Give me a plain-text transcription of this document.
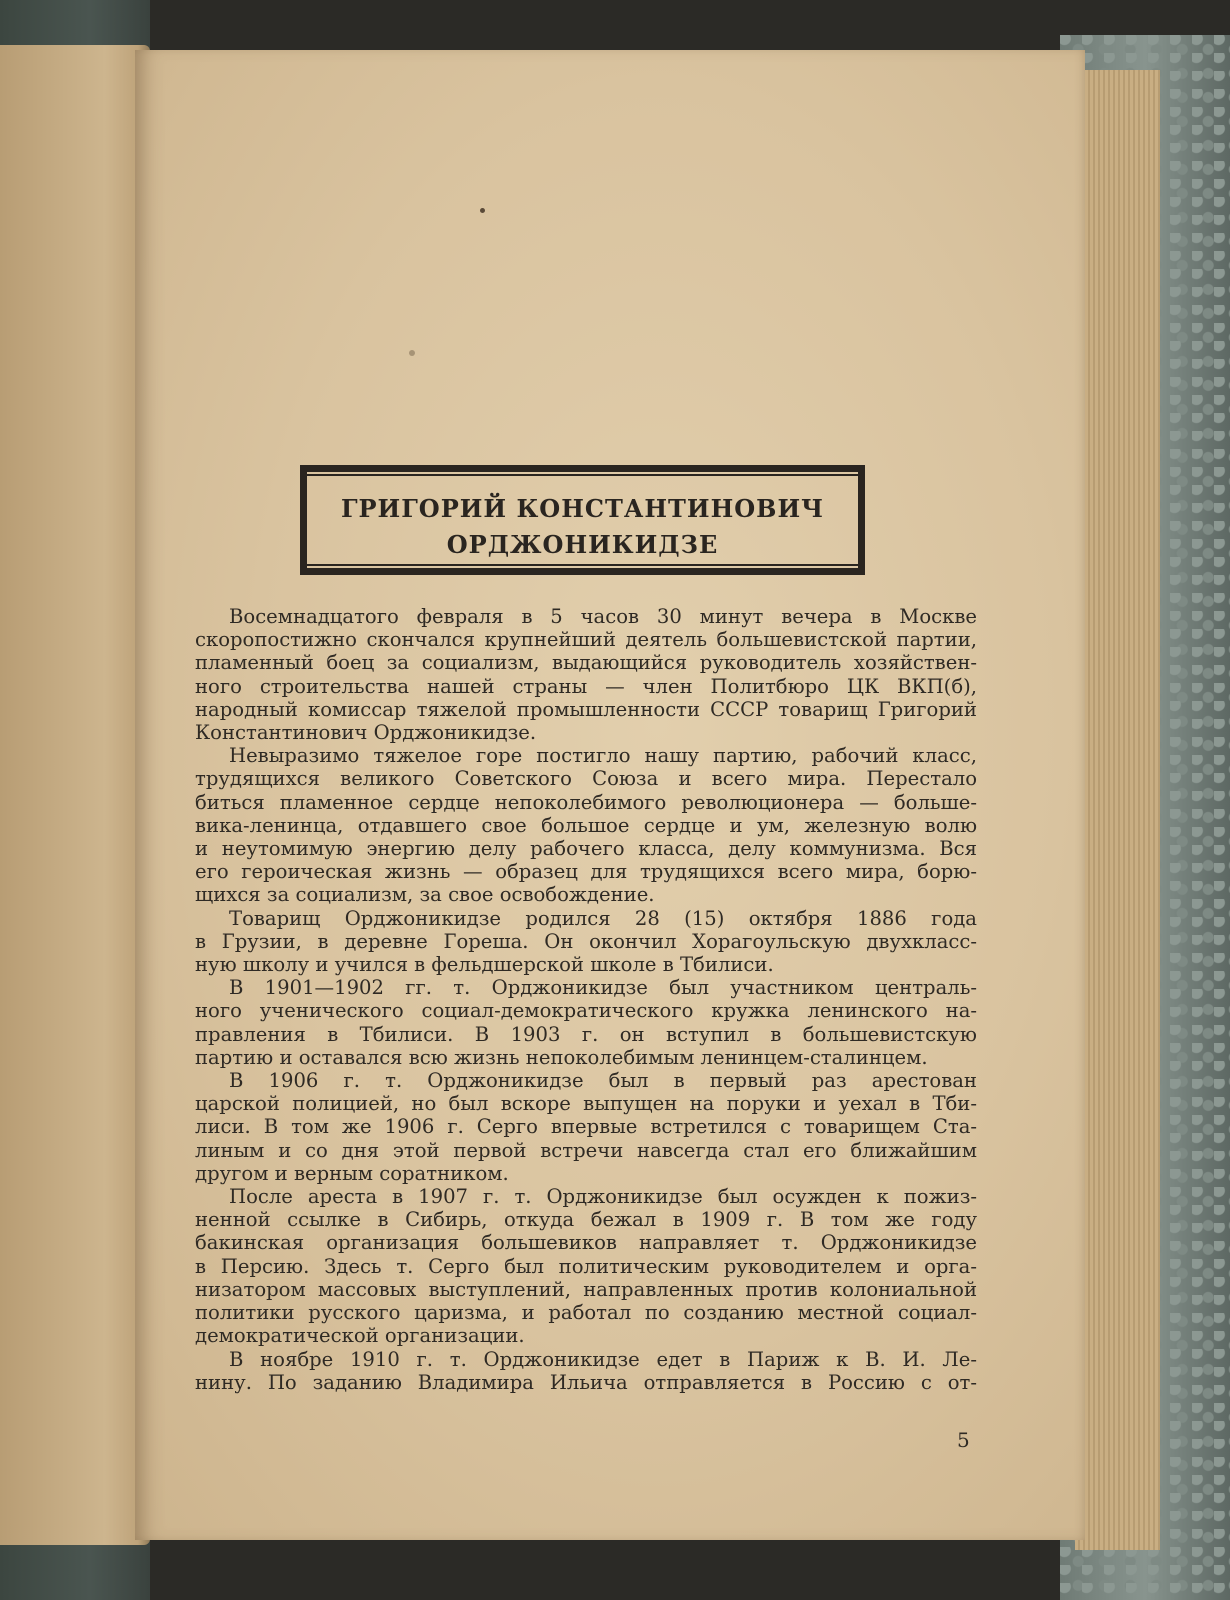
ГРИГОРИЙ КОНСТАНТИНОВИЧ
ОРДЖОНИКИДЗЕ

Восемнадцатого февраля в 5 часов 30 минут вечера в Москве
скоропостижно скончался крупнейший деятель большевистской партии,
пламенный боец за социализм, выдающийся руководитель хозяйствен-
ного строительства нашей страны — член Политбюро ЦК ВКП(б),
народный комиссар тяжелой промышленности СССР товарищ Григорий
Константинович Орджоникидзе.

Невыразимо тяжелое горе постигло нашу партию, рабочий класс,
трудящихся великого Советского Союза и всего мира. Перестало
биться пламенное сердце непоколебимого революционера — больше-
вика-ленинца, отдавшего свое большое сердце и ум, железную волю
и неутомимую энергию делу рабочего класса, делу коммунизма. Вся
его героическая жизнь — образец для трудящихся всего мира, борю-
щихся за социализм, за свое освобождение.

Товарищ Орджоникидзе родился 28 (15) октября 1886 года
в Грузии, в деревне Гореша. Он окончил Хорагоульскую двухкласс-
ную школу и учился в фельдшерской школе в Тбилиси.

В 1901—1902 гг. т. Орджоникидзе был участником централь-
ного ученического социал-демократического кружка ленинского на-
правления в Тбилиси. В 1903 г. он вступил в большевистскую
партию и оставался всю жизнь непоколебимым ленинцем-сталинцем.

В 1906 г. т. Орджоникидзе был в первый раз арестован
царской полицией, но был вскоре выпущен на поруки и уехал в Тби-
лиси. В том же 1906 г. Серго впервые встретился с товарищем Ста-
линым и со дня этой первой встречи навсегда стал его ближайшим
другом и верным соратником.

После ареста в 1907 г. т. Орджоникидзе был осужден к пожиз-
ненной ссылке в Сибирь, откуда бежал в 1909 г. В том же году
бакинская организация большевиков направляет т. Орджоникидзе
в Персию. Здесь т. Серго был политическим руководителем и орга-
низатором массовых выступлений, направленных против колониальной
политики русского царизма, и работал по созданию местной социал-
демократической организации.

В ноябре 1910 г. т. Орджоникидзе едет в Париж к В. И. Ле-
нину. По заданию Владимира Ильича отправляется в Россию с от-

5
